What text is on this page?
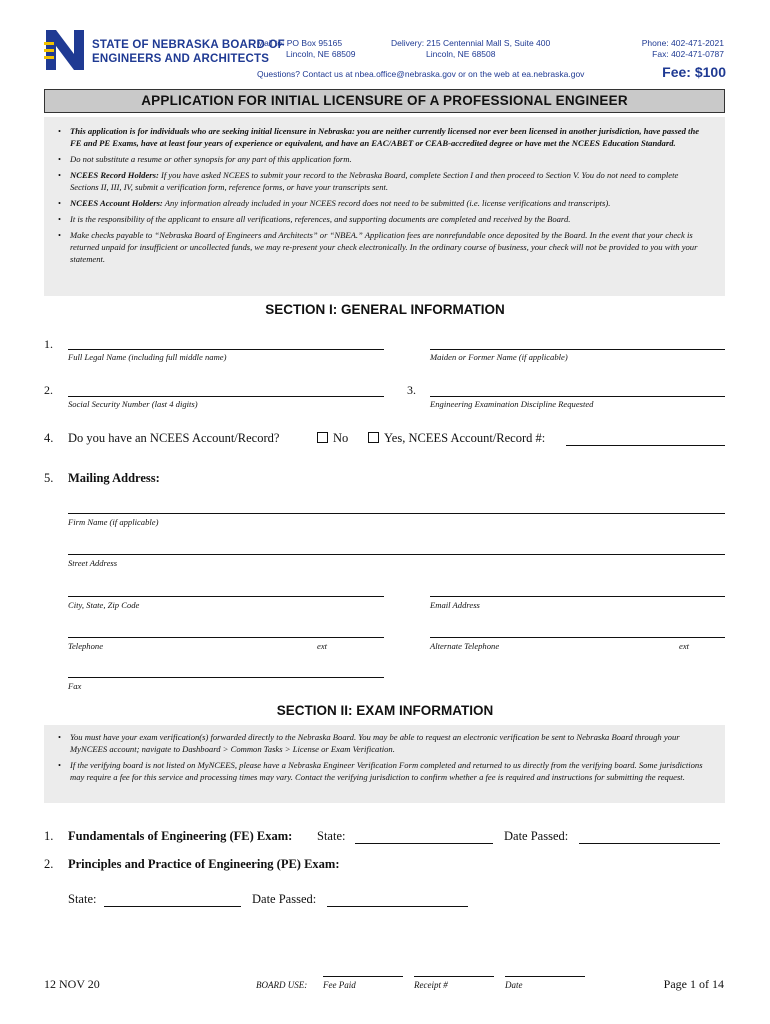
STATE OF NEBRASKA BOARD OF
ENGINEERS AND ARCHITECTS
Mail to: PO Box 95165
Lincoln, NE 68509
Delivery: 215 Centennial Mall S, Suite 400
Lincoln, NE 68508
Phone: 402-471-2021
Fax: 402-471-0787
Questions? Contact us at nbea.office@nebraska.gov or on the web at ea.nebraska.gov	Fee: $100
APPLICATION FOR INITIAL LICENSURE OF A PROFESSIONAL ENGINEER
• This application is for individuals who are seeking initial licensure in Nebraska: you are neither currently licensed nor ever been licensed in another jurisdiction, have passed the FE and PE Exams, have at least four years of experience or equivalent, and have an EAC/ABET or CEAB-accredited degree or have met the NCEES Education Standard.
• Do not substitute a resume or other synopsis for any part of this application form.
• NCEES Record Holders: If you have asked NCEES to submit your record to the Nebraska Board, complete Section I and then proceed to Section V. You do not need to complete Sections II, III, IV, submit a verification form, reference forms, or have your transcripts sent.
• NCEES Account Holders: Any information already included in your NCEES record does not need to be submitted (i.e. license verifications and transcripts).
• It is the responsibility of the applicant to ensure all verifications, references, and supporting documents are completed and received by the Board.
• Make checks payable to “Nebraska Board of Engineers and Architects” or “NBEA.” Application fees are nonrefundable once deposited by the Board. In the event that your check is returned unpaid for insufficient or uncollected funds, we may re-present your check electronically. In the ordinary course of business, your check will not be provided to you with your statement.
SECTION I: GENERAL INFORMATION
1.
Full Legal Name (including full middle name)	Maiden or Former Name (if applicable)
2.
Social Security Number (last 4 digits)
3.
Engineering Examination Discipline Requested
4. Do you have an NCEES Account/Record?	No	Yes, NCEES Account/Record #:
5. Mailing Address:
Firm Name (if applicable)
Street Address
City, State, Zip Code	Email Address
Telephone	ext	Alternate Telephone	ext
Fax
SECTION II: EXAM INFORMATION
• You must have your exam verification(s) forwarded directly to the Nebraska Board. You may be able to request an electronic verification be sent to Nebraska Board through your MyNCEES account; navigate to Dashboard > Common Tasks > License or Exam Verification.
• If the verifying board is not listed on MyNCEES, please have a Nebraska Engineer Verification Form completed and returned to us directly from the verifying board. Some jurisdictions may require a fee for this service and processing times may vary. Contact the verifying jurisdiction to confirm whether a fee is required and instructions for submitting the request.
1. Fundamentals of Engineering (FE) Exam: State:	Date Passed:
2. Principles and Practice of Engineering (PE) Exam:
State:	Date Passed:
12 NOV 20	BOARD USE: Fee Paid	Receipt #	Date	Page 1 of 14
